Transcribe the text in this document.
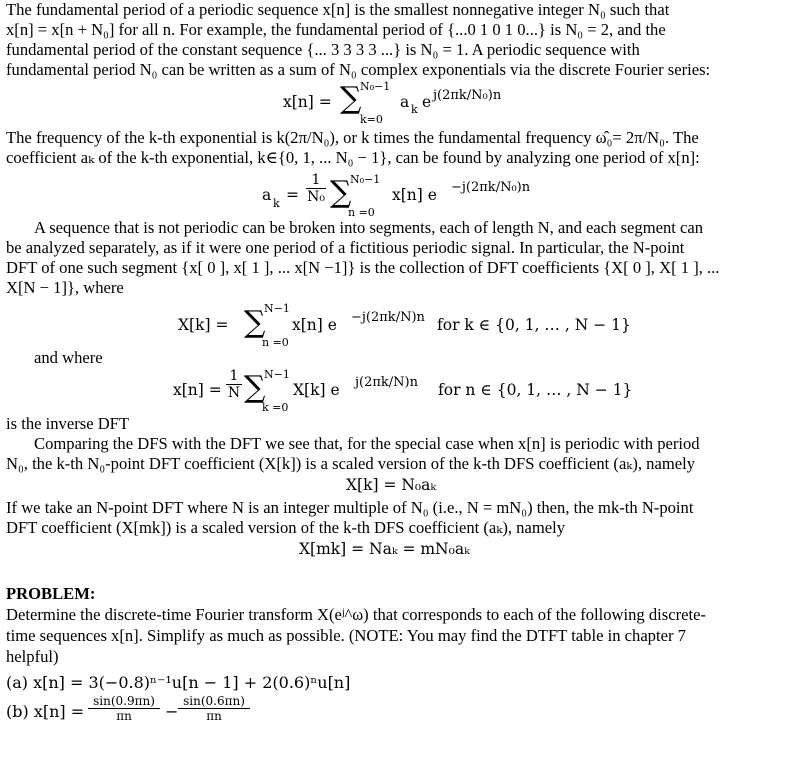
The fundamental period of a periodic sequence x[n] is the smallest nonnegative integer N₀ such that
x[n] = x[n + N₀] for all n. For example, the fundamental period of {...0 1 0 1 0...} is N₀ = 2, and the
fundamental period of the constant sequence {... 3 3 3 3 ...} is N₀ = 1. A periodic sequence with
fundamental period N₀ can be written as a sum of N₀ complex exponentials via the discrete Fourier series:
x[n] = ∑
N₀−1
k=0
a k e j(2πk/N₀)n
The frequency of the k-th exponential is k(2π/N₀), or k times the fundamental frequency ω̂₀= 2π/N₀. The
coefficient aₖ of the k-th exponential, k∈{0, 1, ... N₀ − 1}, can be found by analyzing one period of x[n]:
a $k = \frac{1}{\text{N₀}}$ ∑
N₀−1
n =0
x[n] e −j(2πk/N₀)n
A sequence that is not periodic can be broken into segments, each of length N, and each segment can
be analyzed separately, as if it were one period of a fictitious periodic signal. In particular, the N-point
DFT of one such segment {x[ 0 ], x[ 1 ], ... x[N −1]} is the collection of DFT coefficients {X[ 0 ], X[ 1 ], ...
X[N − 1]}, where
X[k] = ∑
N−1
n =0
x[n] e −j(2πk/N)n for k ∈ {0, 1, … , N − 1}
and where
$x[n] = \frac{1}{N}$ ∑
N−1
k =0
X[k] e j(2πk/N)n for n ∈ {0, 1, … , N − 1}
is the inverse DFT
Comparing the DFS with the DFT we see that, for the special case when x[n] is periodic with period
N₀, the k-th N₀-point DFT coefficient (X[k]) is a scaled version of the k-th DFS coefficient (aₖ), namely
X[k] = N₀aₖ
If we take an N-point DFT where N is an integer multiple of N₀ (i.e., N = mN₀) then, the mk-th N-point
DFT coefficient (X[mk]) is a scaled version of the k-th DFS coefficient (aₖ), namely
X[mk] = Naₖ = mN₀aₖ
PROBLEM:
Determine the discrete-time Fourier transform X(eʲ^ω) that corresponds to each of the following discrete-
time sequences x[n]. Simplify as much as possible. (NOTE: You may find the DTFT table in chapter 7
helpful)
(a) x[n] = 3(−0.8)ⁿ⁻¹u[n − 1] + 2(0.6)ⁿu[n]
(b) $x[n] = \frac{\sin(0.9\pi n)}{\pi n} - \frac{\sin(0.6\pi n)}{\pi n}$
